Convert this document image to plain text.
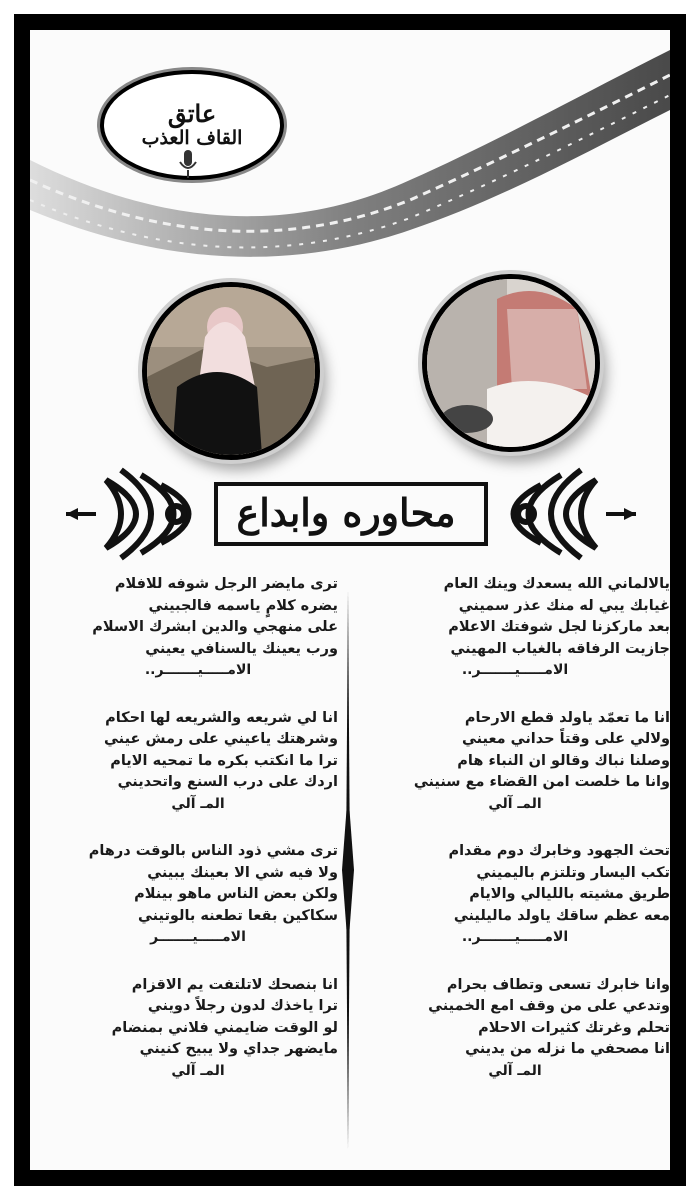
عاتق
القاف العذب
محاوره وابداع

يالالماني الله يسعدك وينك العام

غيابك يبي له منك عذر سميني

بعد ماركزنا لجل شوفتك الاعلام

جازيت الرفاقه بالغياب المهيني

الامـــــيـــــــر..

انا ما تعمّد ياولد قطع الارحام

ولالي على وقتاً حداني معيني

وصلنا نباك وقالو ان النباء هام

وانا ما خلصت امن القضاء مع سنيني

المـ آلي

تحث الجهود وخابرك دوم مقدام

تكب اليسار وتلتزم باليميني

طريق مشيته بالليالي والايام

معه عظم ساقك ياولد ماليليني

الامـــــيـــــــر..

وانا خابرك تسعى وتطاف بحرام

وتدعي على من وقف امع الخميني

تحلم وغرتك كثيرات الاحلام

انا مصحفي ما نزله من يديني

المـ آلي

ترى مايضر الرجل شوفه للافلام

يضره كلامٍ ياسمه فالجبيني

على منهجي والدين ابشرك الاسلام

ورب يعينك يالسنافي يعيني

الامـــــيـــــــر..

انا لي شريعه والشريعه لها احكام

وشرهتك ياعيني على رمش عيني

ترا ما انكتب بكره ما تمحيه الايام

اردك على درب السنع واتحديني

المـ آلي

ترى مشي ذود الناس بالوقت درهام

ولا فيه شي الا بعينك يبيني

ولكن بعض الناس ماهو بينلام

سكاكين بقعا تطعنه بالوتيني

الامـــــيـــــــر

انا بنصحك لاتلتفت يم الاقزام

ترا ياخذك لدون رجلاً دويني

لو الوقت ضايمني فلاني بمنضام

مايضهر جداي ولا يبيح كنيني

المـ آلي
